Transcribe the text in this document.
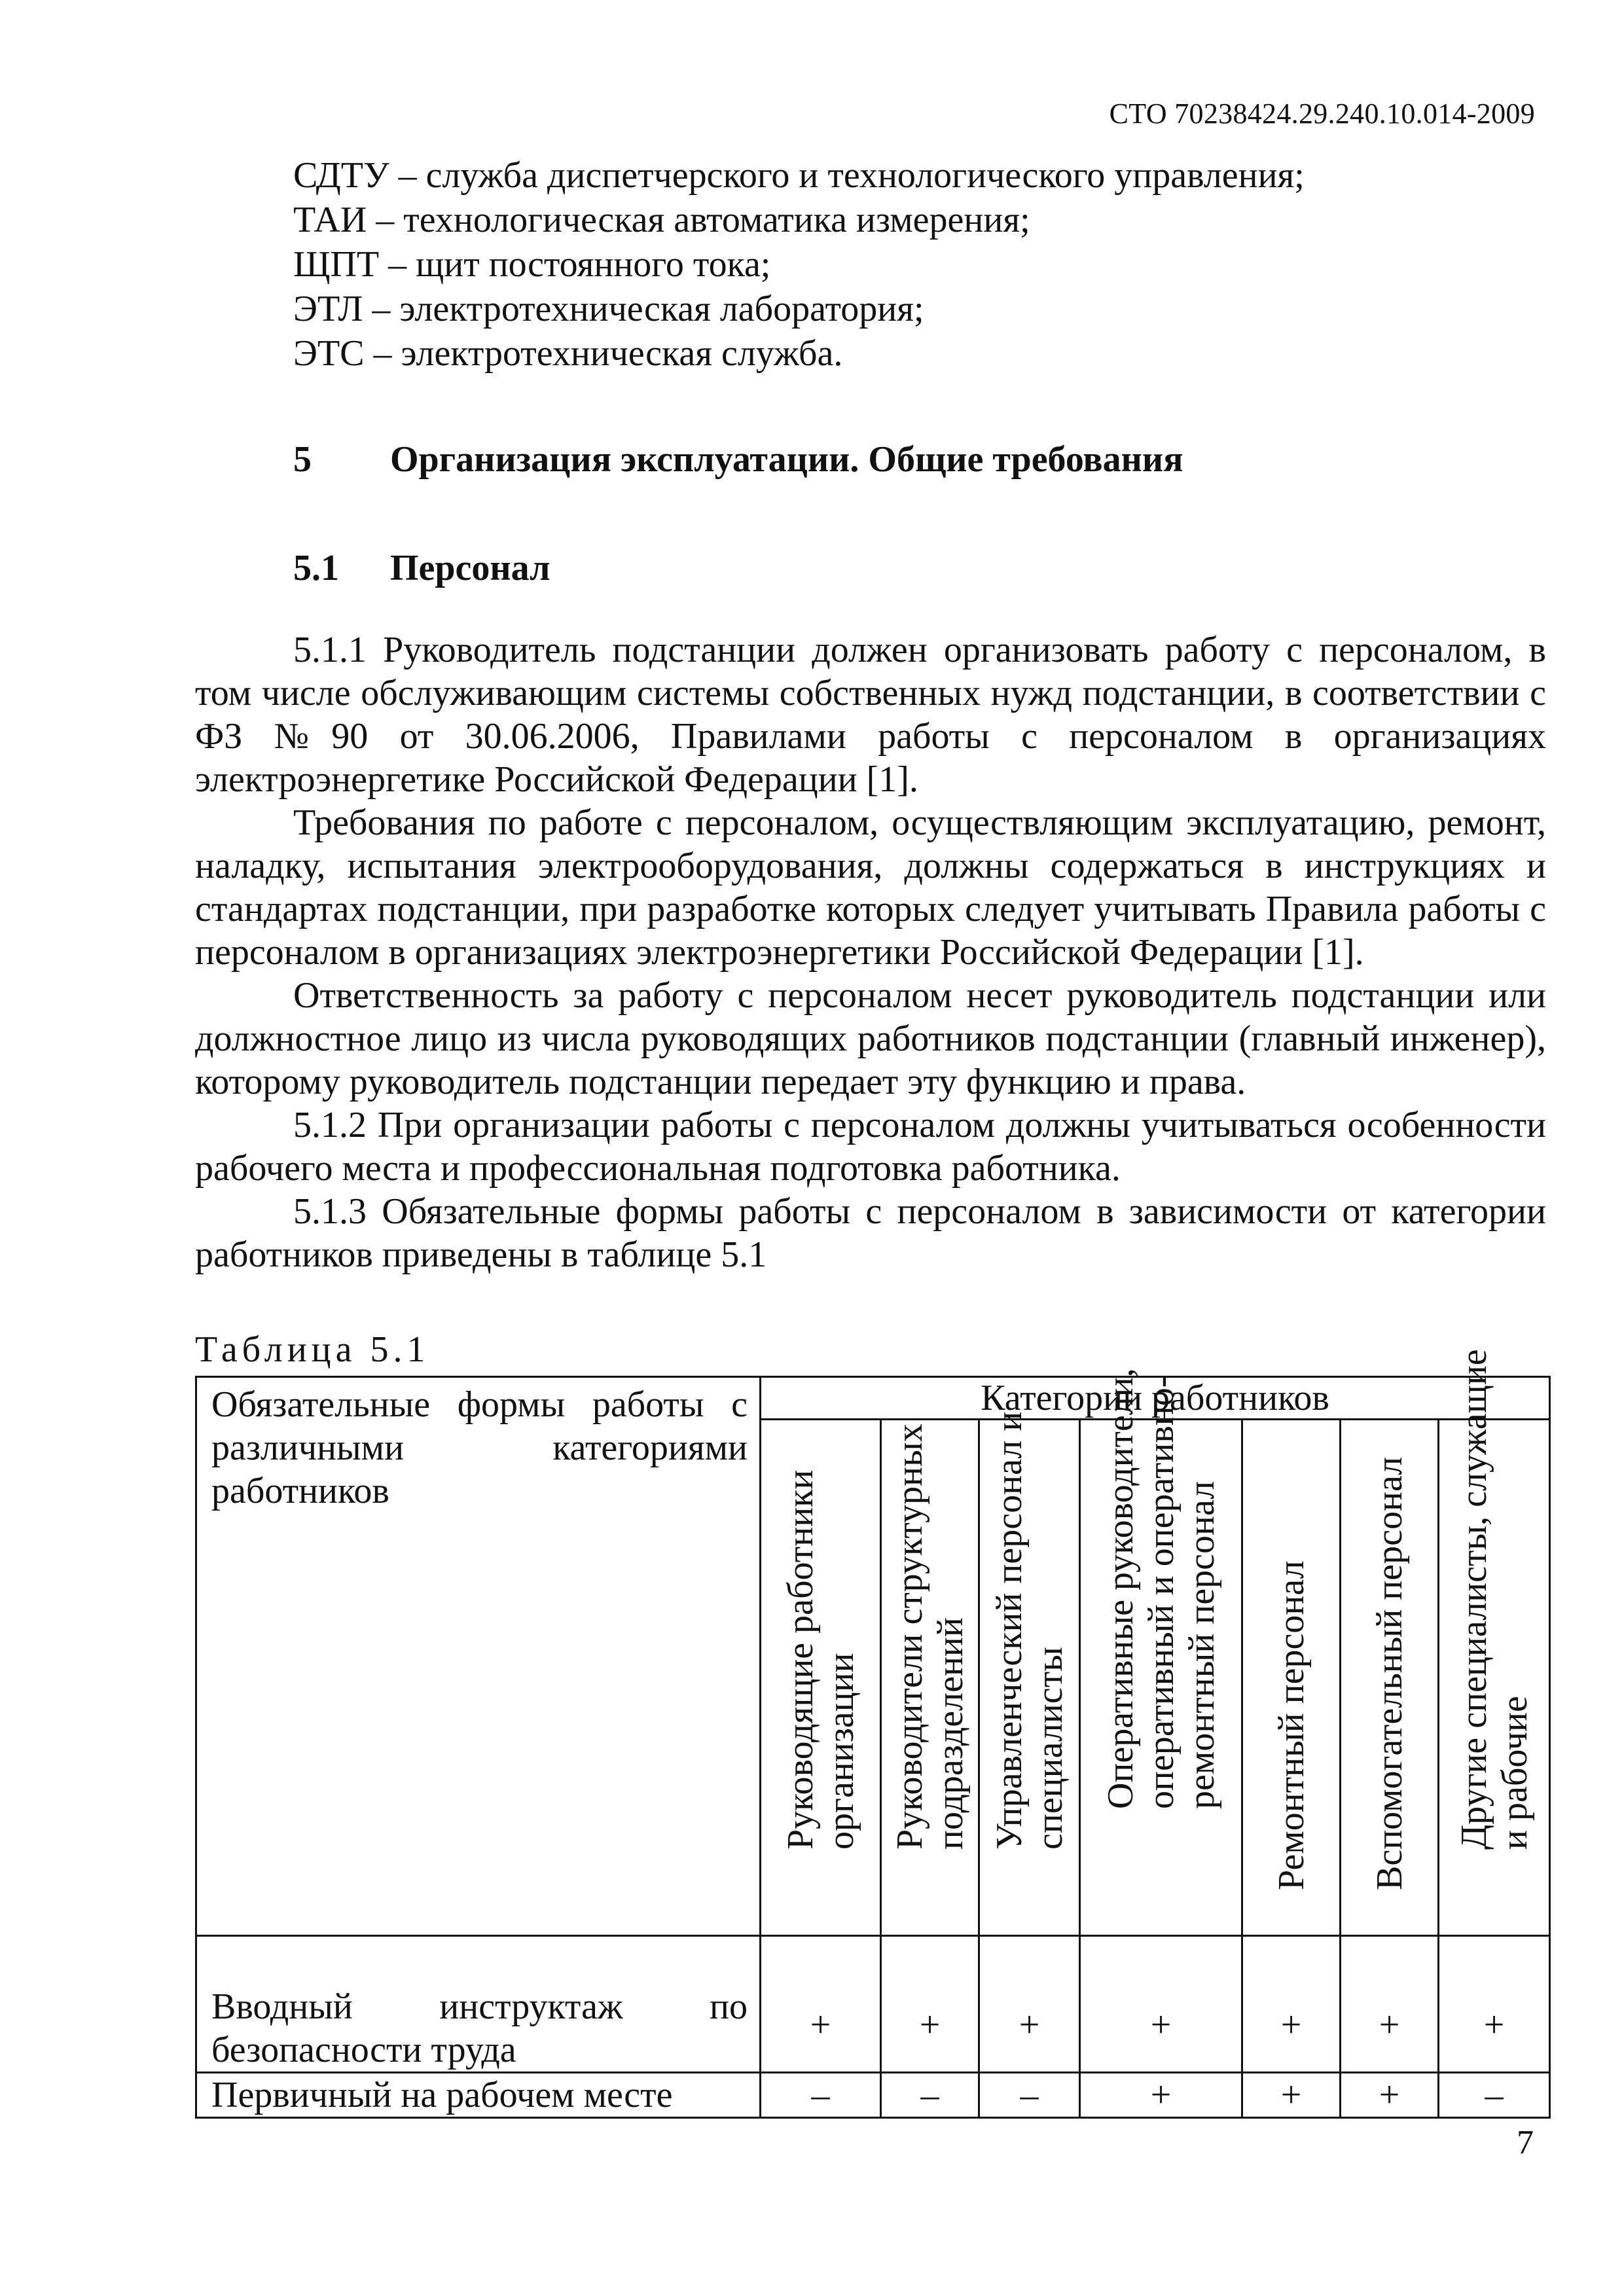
СТО 70238424.29.240.10.014-2009
СДТУ – служба диспетчерского и технологического управления;
ТАИ – технологическая автоматика измерения;
ЩПТ – щит постоянного тока;
ЭТЛ – электротехническая лаборатория;
ЭТС – электротехническая служба.
5 Организация эксплуатации. Общие требования
5.1 Персонал

5.1.1 Руководитель подстанции должен организовать работу с персоналом, в том числе обслуживающим системы собственных нужд подстанции, в соответствии с ФЗ №90 от 30.06.2006, Правилами работы с персоналом в организациях электроэнергетике Российской Федерации [1].

Требования по работе с персоналом, осуществляющим эксплуатацию, ремонт, наладку, испытания электрооборудования, должны содержаться в инструкциях и стандартах подстанции, при разработке которых следует учитывать Правила работы с персоналом в организациях электроэнергетики Российской Федерации [1].

Ответственность за работу с персоналом несет руководитель подстанции или должностное лицо из числа руководящих работников подстанции (главный инженер), которому руководитель подстанции передает эту функцию и права.

5.1.2 При организации работы с персоналом должны учитываться особенности рабочего места и профессиональная подготовка работника.

5.1.3 Обязательные формы работы с персоналом в зависимости от категории работников приведены в таблице 5.1

Таблица 5.1
Обязательные формы работы с различными категориями работников	Категории работников						

	Руководящие работники организации	Руководители структурных подразделений	Управленческий персонал и специалисты	Оперативные руководители, оперативный и оперативно- ремонтный персонал	Ремонтный персонал	Вспомогательный персонал	Другие специалисты, служащие и рабочие

Вводный инструктаж по безопасности труда	+	+	+	+	+	+	+
Первичный на рабочем месте	–	–	–	+	+	+	–
7
